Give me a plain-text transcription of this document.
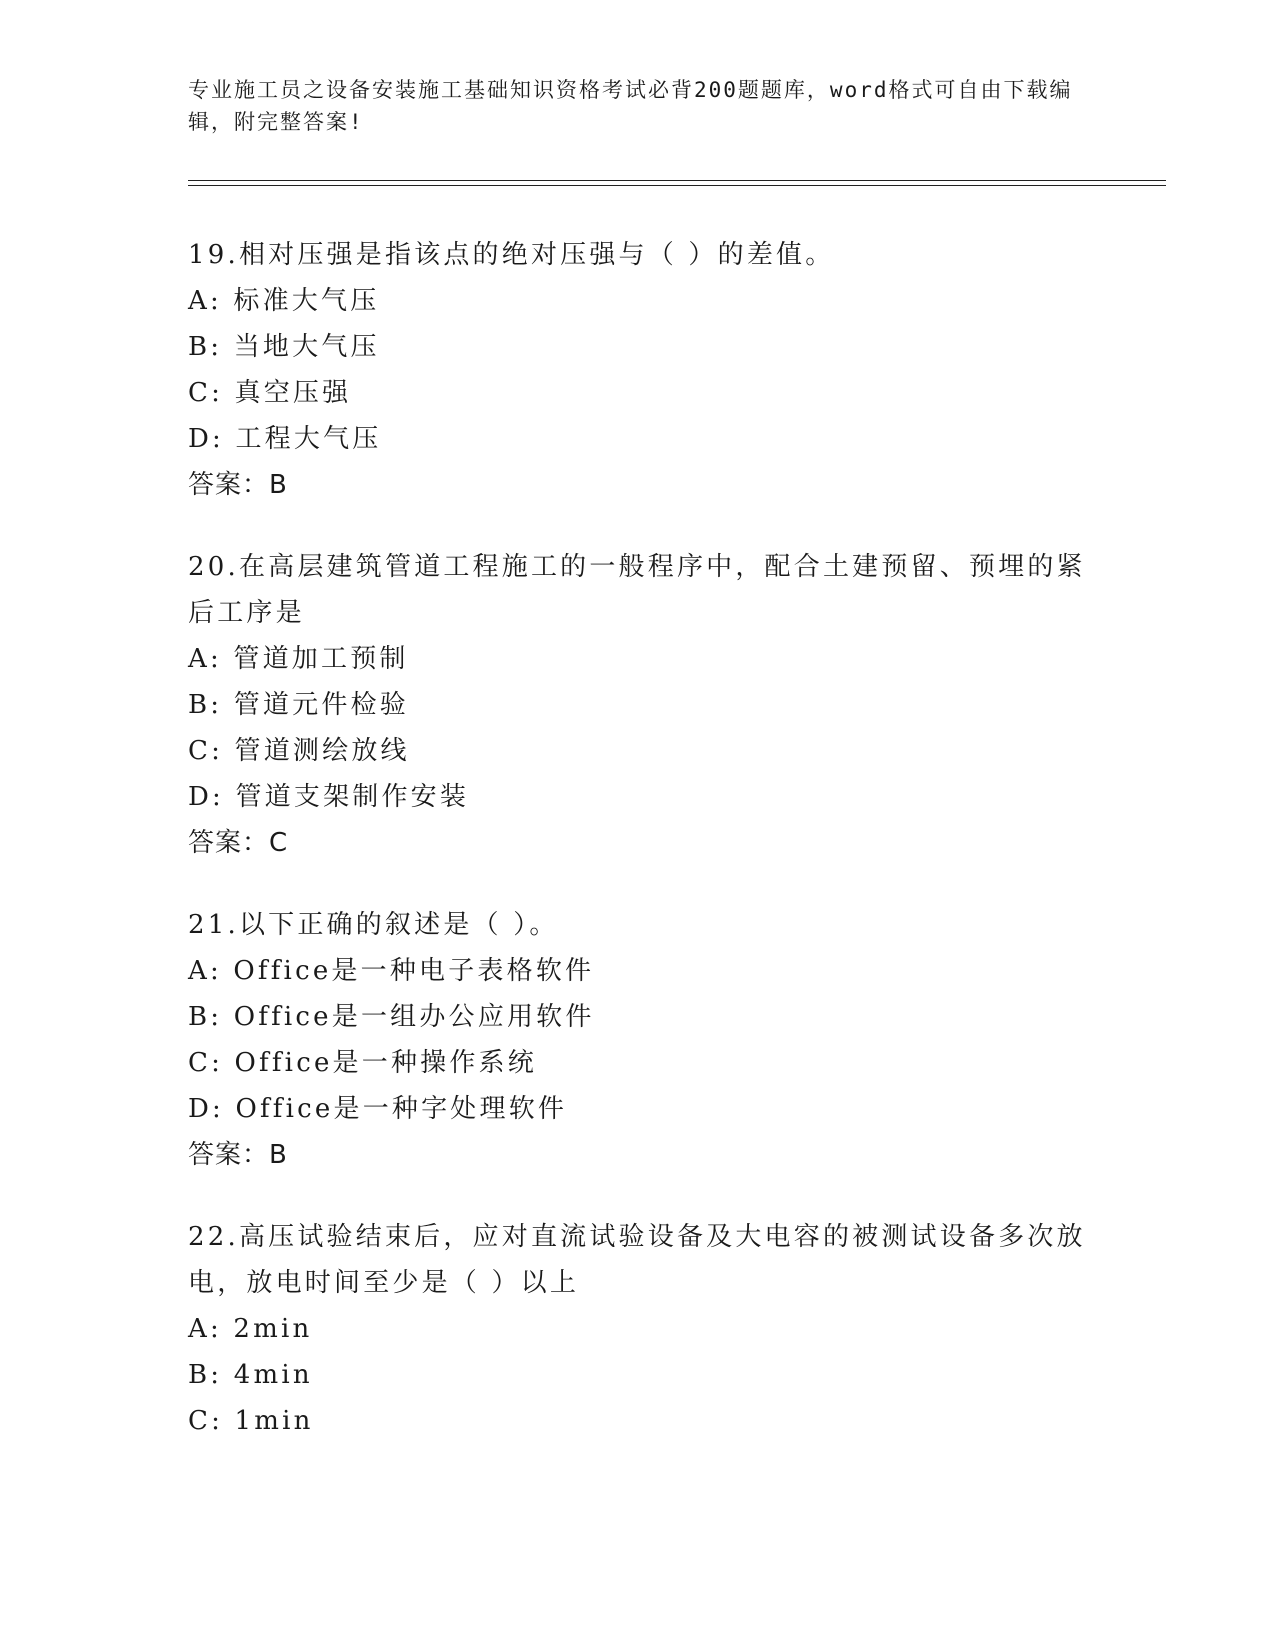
专业施工员之设备安装施工基础知识资格考试必背200题题库，word格式可自由下载编辑，附完整答案!
19.相对压强是指该点的绝对压强与（ ）的差值。
A: 标准大气压
B: 当地大气压
C: 真空压强
D: 工程大气压
答案：B
20.在高层建筑管道工程施工的一般程序中，配合土建预留、预埋的紧后工序是
A: 管道加工预制
B: 管道元件检验
C: 管道测绘放线
D: 管道支架制作安装
答案：C
21.以下正确的叙述是（ ）。
A: Office是一种电子表格软件
B: Office是一组办公应用软件
C: Office是一种操作系统
D: Office是一种字处理软件
答案：B
22.高压试验结束后，应对直流试验设备及大电容的被测试设备多次放电，放电时间至少是（ ）以上
A: 2min
B: 4min
C: 1min
